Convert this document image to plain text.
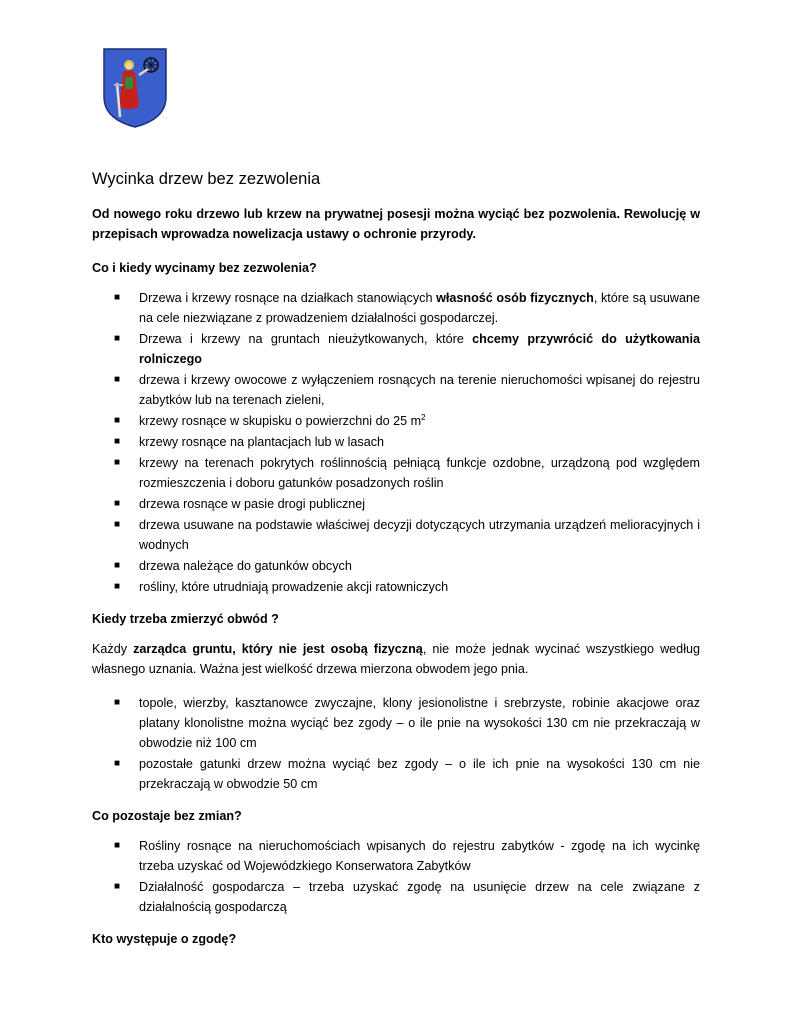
Wycinka drzew bez zezwolenia

Od nowego roku drzewo lub krzew na prywatnej posesji można wyciąć bez pozwolenia. Rewolucję w przepisach wprowadza nowelizacja ustawy o ochronie przyrody.

Co i kiedy wycinamy bez zezwolenia?

■ Drzewa i krzewy rosnące na działkach stanowiących własność osób fizycznych, które są usuwane na cele niezwiązane z prowadzeniem działalności gospodarczej.
■ Drzewa i krzewy na gruntach nieużytkowanych, które chcemy przywrócić do użytkowania rolniczego
■ drzewa i krzewy owocowe z wyłączeniem rosnących na terenie nieruchomości wpisanej do rejestru zabytków lub na terenach zieleni,
■ krzewy rosnące w skupisku o powierzchni do 25 $m^2$
■ krzewy rosnące na plantacjach lub w lasach
■ krzewy na terenach pokrytych roślinnością pełniącą funkcje ozdobne, urządzoną pod względem rozmieszczenia i doboru gatunków posadzonych roślin
■ drzewa rosnące w pasie drogi publicznej
■ drzewa usuwane na podstawie właściwej decyzji dotyczących utrzymania urządzeń melioracyjnych i wodnych
■ drzewa należące do gatunków obcych
■ rośliny, które utrudniają prowadzenie akcji ratowniczych

Kiedy trzeba zmierzyć obwód ?

Każdy zarządca gruntu, który nie jest osobą fizyczną, nie może jednak wycinać wszystkiego według własnego uznania. Ważna jest wielkość drzewa mierzona obwodem jego pnia.

■ topole, wierzby, kasztanowce zwyczajne, klony jesionolistne i srebrzyste, robinie akacjowe oraz platany klonolistne można wyciąć bez zgody – o ile pnie na wysokości 130 cm nie przekraczają w obwodzie niż 100 cm
■ pozostałe gatunki drzew można wyciąć bez zgody – o ile ich pnie na wysokości 130 cm nie przekraczają w obwodzie 50 cm

Co pozostaje bez zmian?

■ Rośliny rosnące na nieruchomościach wpisanych do rejestru zabytków - zgodę na ich wycinkę trzeba uzyskać od Wojewódzkiego Konserwatora Zabytków
■ Działalność gospodarcza – trzeba uzyskać zgodę na usunięcie drzew na cele związane z działalnością gospodarczą

Kto występuje o zgodę?
